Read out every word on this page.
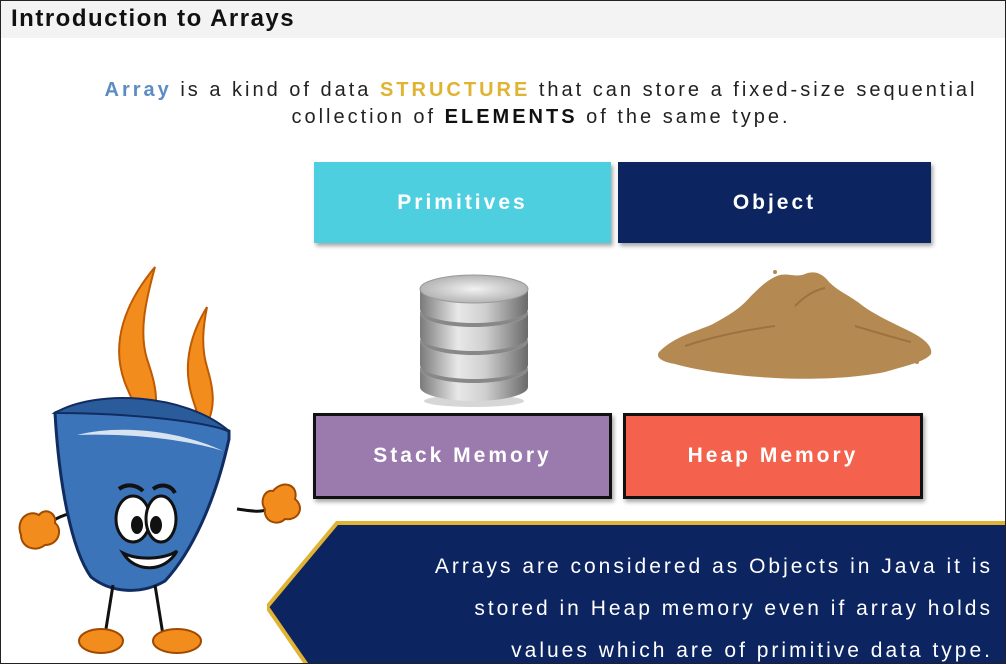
Introduction to Arrays
Array is a kind of data STRUCTURE that can store a fixed-size sequential collection of ELEMENTS of the same type.
Primitives	Object
Stack Memory	Heap Memory
Arrays are considered as Objects in Java it is
stored in Heap memory even if array holds
values which are of primitive data type.
